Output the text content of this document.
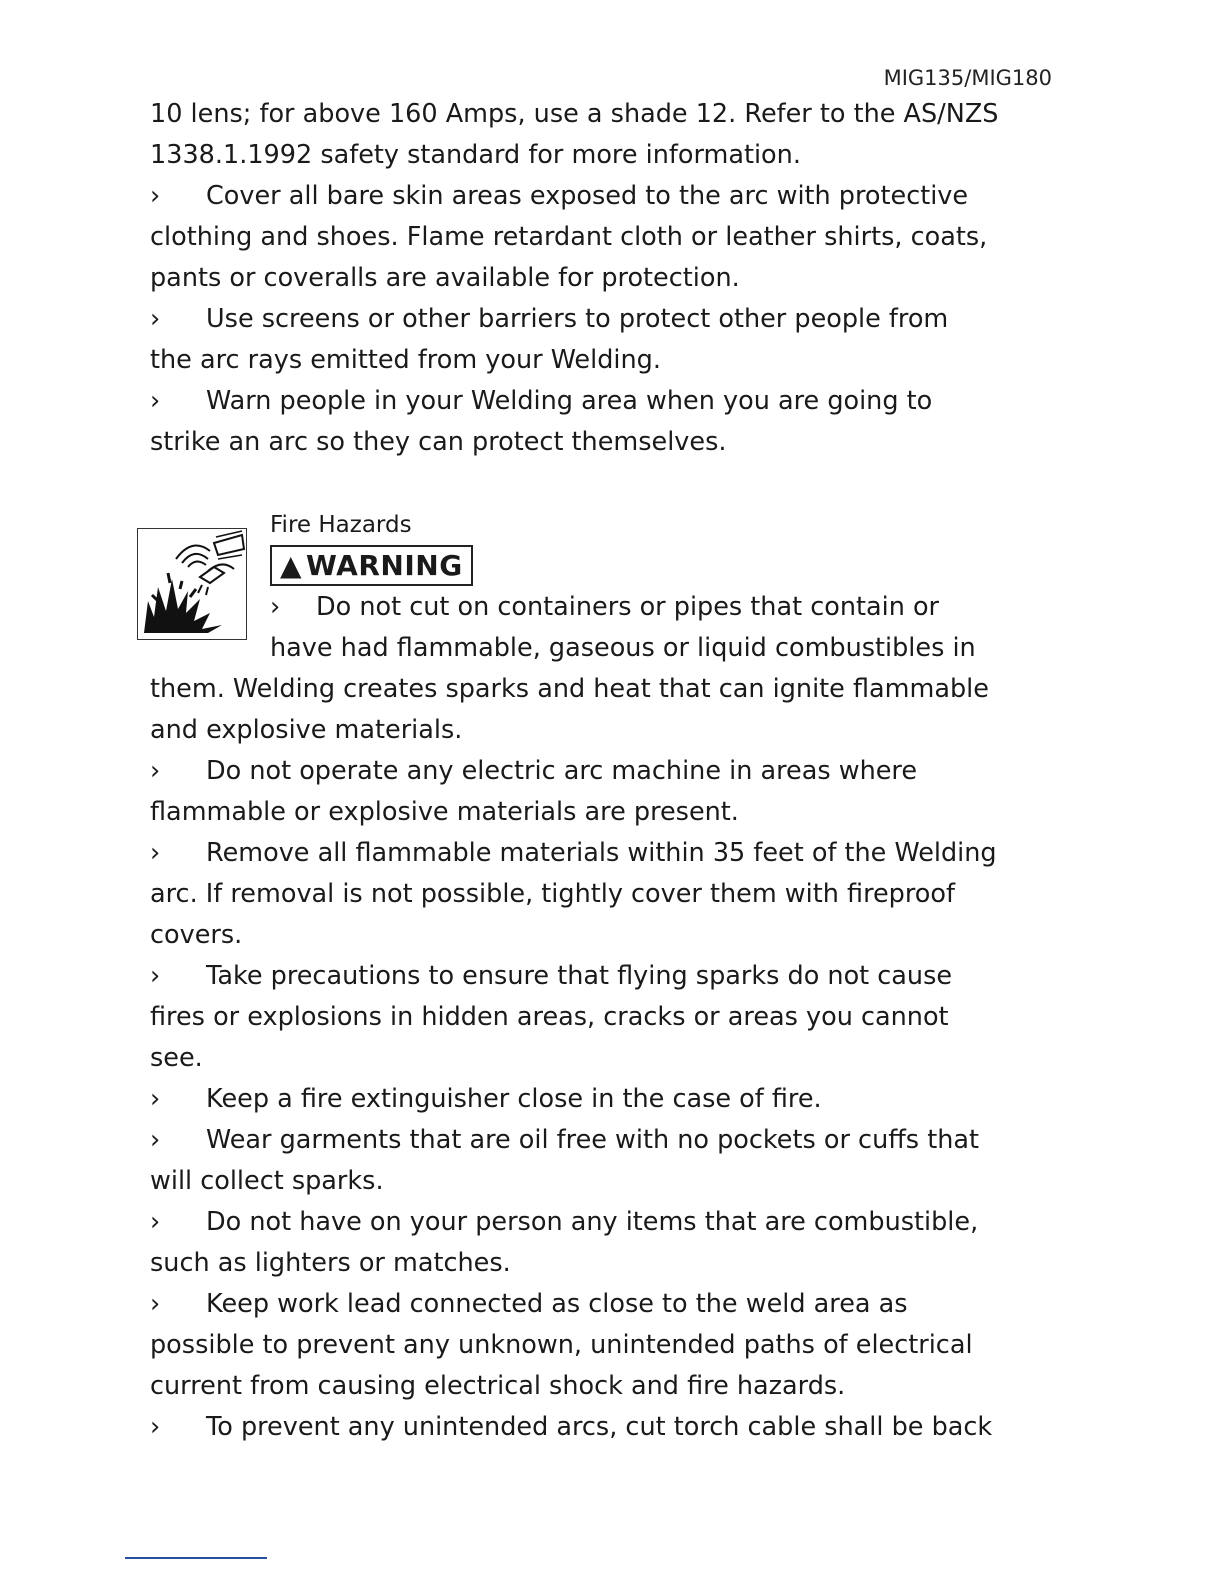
MIG135/MIG180

10 lens; for above 160 Amps, use a shade 12. Refer to the AS/NZS

1338.1.1992 safety standard for more information.

› Cover all bare skin areas exposed to the arc with protective

clothing and shoes. Flame retardant cloth or leather shirts, coats,

pants or coveralls are available for protection.

› Use screens or other barriers to protect other people from

the arc rays emitted from your Welding.

› Warn people in your Welding area when you are going to

strike an arc so they can protect themselves.

Fire Hazards
▲ WARNING
› Do not cut on containers or pipes that contain or
have had flammable, gaseous or liquid combustibles in

them. Welding creates sparks and heat that can ignite flammable

and explosive materials.

› Do not operate any electric arc machine in areas where

flammable or explosive materials are present.

› Remove all flammable materials within 35 feet of the Welding

arc. If removal is not possible, tightly cover them with fireproof

covers.

› Take precautions to ensure that flying sparks do not cause

fires or explosions in hidden areas, cracks or areas you cannot

see.

› Keep a fire extinguisher close in the case of fire.

› Wear garments that are oil free with no pockets or cuffs that

will collect sparks.

› Do not have on your person any items that are combustible,

such as lighters or matches.

› Keep work lead connected as close to the weld area as

possible to prevent any unknown, unintended paths of electrical

current from causing electrical shock and fire hazards.

› To prevent any unintended arcs, cut torch cable shall be back
